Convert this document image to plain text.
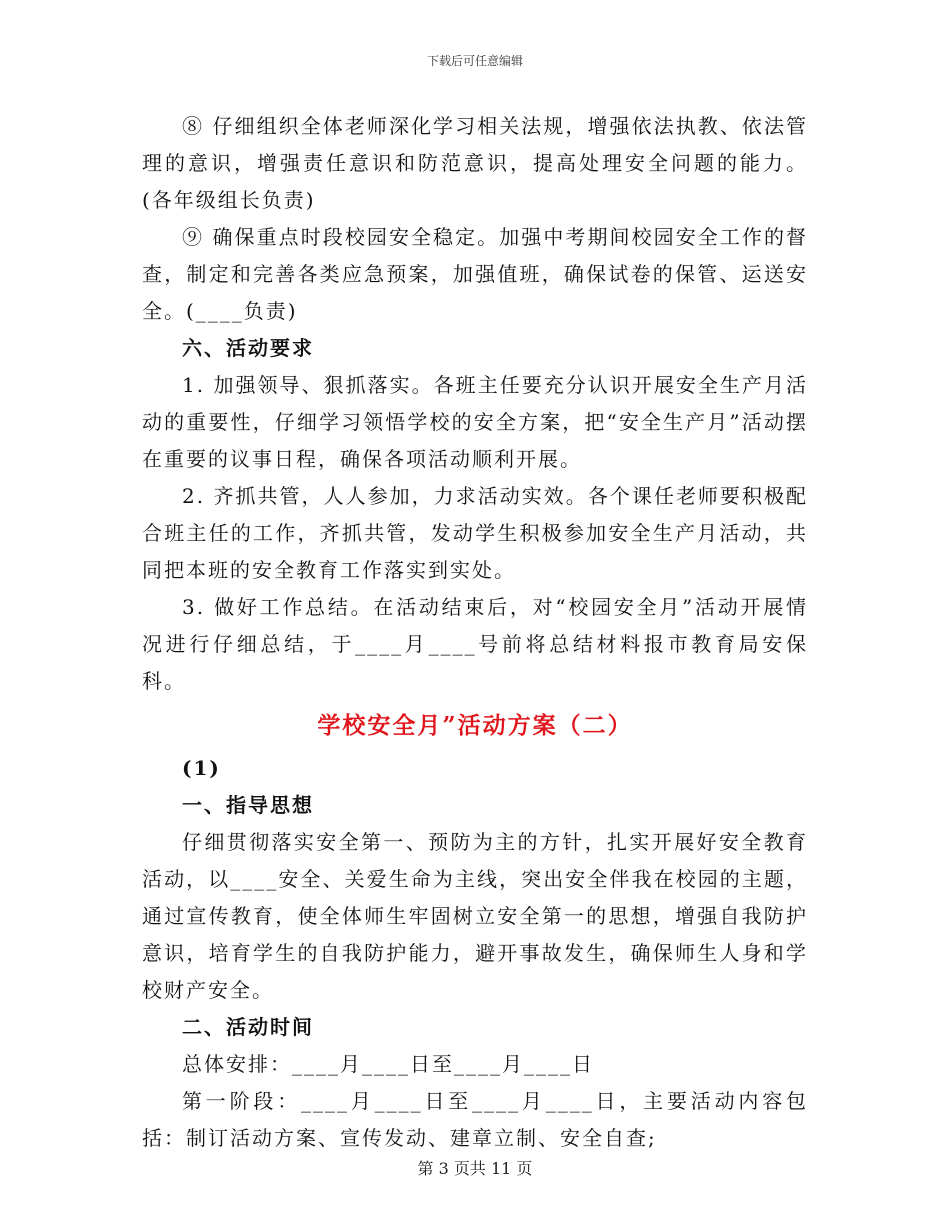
下载后可任意编辑

⑧ 仔细组织全体老师深化学习相关法规，增强依法执教、依法管理的意识，增强责任意识和防范意识，提高处理安全问题的能力。(各年级组长负责)

⑨ 确保重点时段校园安全稳定。加强中考期间校园安全工作的督查，制定和完善各类应急预案，加强值班，确保试卷的保管、运送安全。(____负责)

六、活动要求

1. 加强领导、狠抓落实。各班主任要充分认识开展安全生产月活动的重要性，仔细学习领悟学校的安全方案，把“安全生产月”活动摆在重要的议事日程，确保各项活动顺利开展。

2. 齐抓共管，人人参加，力求活动实效。各个课任老师要积极配合班主任的工作，齐抓共管，发动学生积极参加安全生产月活动，共同把本班的安全教育工作落实到实处。

3. 做好工作总结。在活动结束后，对“校园安全月”活动开展情况进行仔细总结，于____月____号前将总结材料报市教育局安保科。

学校安全月”活动方案（二）

(1)

一、指导思想

仔细贯彻落实安全第一、预防为主的方针，扎实开展好安全教育活动，以____安全、关爱生命为主线，突出安全伴我在校园的主题，通过宣传教育，使全体师生牢固树立安全第一的思想，增强自我防护意识，培育学生的自我防护能力，避开事故发生，确保师生人身和学校财产安全。

二、活动时间

总体安排：____月____日至____月____日

第一阶段：____月____日至____月____日，主要活动内容包括：制订活动方案、宣传发动、建章立制、安全自查;

第 3 页共 11 页
